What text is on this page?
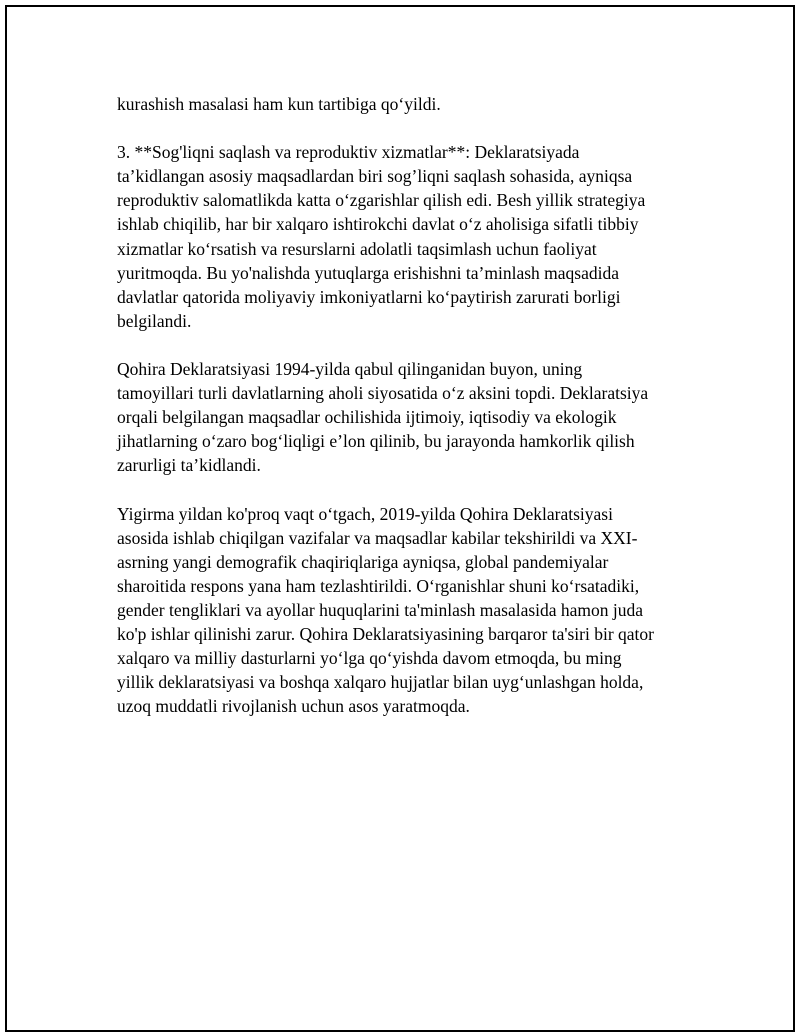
kurashish masalasi ham kun tartibiga qo‘yildi.
3. **Sog'liqni saqlash va reproduktiv xizmatlar**: Deklaratsiyada
ta’kidlangan asosiy maqsadlardan biri sog’liqni saqlash sohasida, ayniqsa
reproduktiv salomatlikda katta o‘zgarishlar qilish edi. Besh yillik strategiya
ishlab chiqilib, har bir xalqaro ishtirokchi davlat o‘z aholisiga sifatli tibbiy
xizmatlar ko‘rsatish va resurslarni adolatli taqsimlash uchun faoliyat
yuritmoqda. Bu yo'nalishda yutuqlarga erishishni ta’minlash maqsadida
davlatlar qatorida moliyaviy imkoniyatlarni ko‘paytirish zarurati borligi
belgilandi.
Qohira Deklaratsiyasi 1994-yilda qabul qilinganidan buyon, uning
tamoyillari turli davlatlarning aholi siyosatida o‘z aksini topdi. Deklaratsiya
orqali belgilangan maqsadlar ochilishida ijtimoiy, iqtisodiy va ekologik
jihatlarning o‘zaro bog‘liqligi e’lon qilinib, bu jarayonda hamkorlik qilish
zarurligi ta’kidlandi.
Yigirma yildan ko'proq vaqt o‘tgach, 2019-yilda Qohira Deklaratsiyasi
asosida ishlab chiqilgan vazifalar va maqsadlar kabilar tekshirildi va XXI-
asrning yangi demografik chaqiriqlariga ayniqsa, global pandemiyalar
sharoitida respons yana ham tezlashtirildi. O‘rganishlar shuni ko‘rsatadiki,
gender tengliklari va ayollar huquqlarini ta'minlash masalasida hamon juda
ko'p ishlar qilinishi zarur. Qohira Deklaratsiyasining barqaror ta'siri bir qator
xalqaro va milliy dasturlarni yo‘lga qo‘yishda davom etmoqda, bu ming
yillik deklaratsiyasi va boshqa xalqaro hujjatlar bilan uyg‘unlashgan holda,
uzoq muddatli rivojlanish uchun asos yaratmoqda.
